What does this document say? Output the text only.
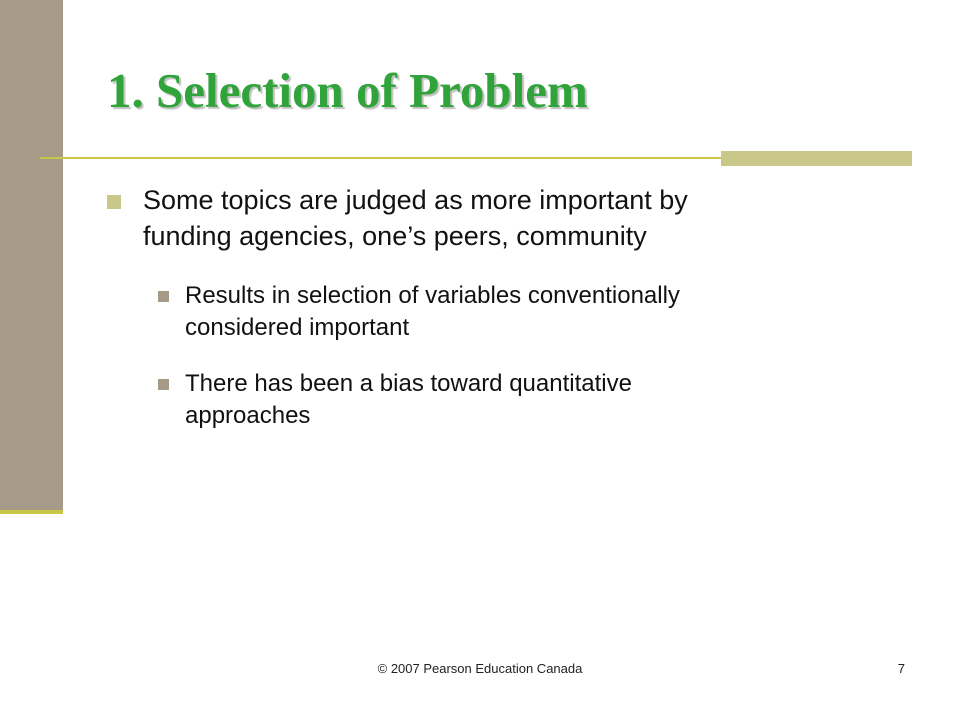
1. Selection of Problem
Some topics are judged as more important by
funding agencies, one’s peers, community
Results in selection of variables conventionally
considered important
There has been a bias toward quantitative
approaches
© 2007 Pearson Education Canada	7
